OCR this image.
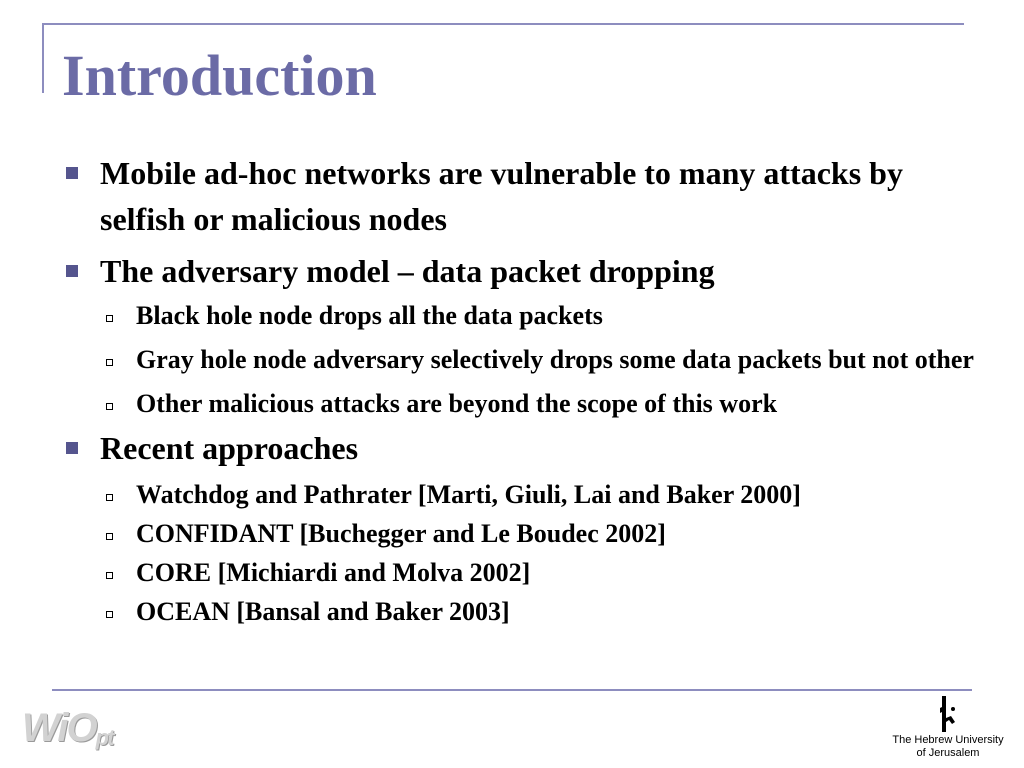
Introduction
Mobile ad-hoc networks are vulnerable to many attacks by selfish or malicious nodes
The adversary model – data packet dropping
Black hole node drops all the data packets
Gray hole node adversary selectively drops some data packets but not other
Other malicious attacks are beyond the scope of this work
Recent approaches
Watchdog and Pathrater [Marti, Giuli, Lai and Baker 2000]
CONFIDANT [Buchegger and Le Boudec 2002]
CORE [Michiardi and Molva 2002]
OCEAN [Bansal and Baker 2003]
WiOpt	The Hebrew University
of Jerusalem
